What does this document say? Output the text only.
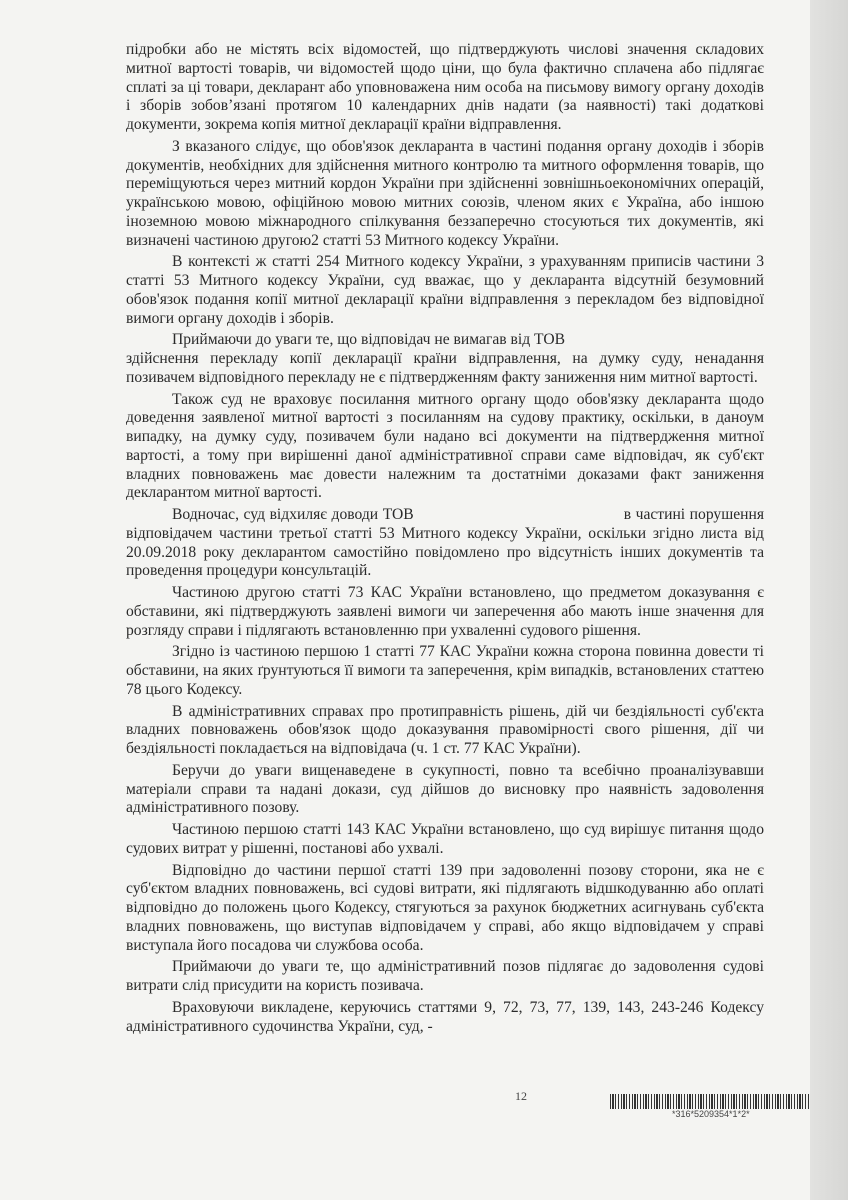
підробки або не містять всіх відомостей, що підтверджують числові значення складових митної вартості товарів, чи відомостей щодо ціни, що була фактично сплачена або підлягає сплаті за ці товари, декларант або уповноважена ним особа на письмову вимогу органу доходів і зборів зобов’язані протягом 10 календарних днів надати (за наявності) такі додаткові документи, зокрема копія митної декларації країни відправлення.

З вказаного слідує, що обов'язок декларанта в частині подання органу доходів і зборів документів, необхідних для здійснення митного контролю та митного оформлення товарів, що переміщуються через митний кордон України при здійсненні зовнішньоекономічних операцій, українською мовою, офіційною мовою митних союзів, членом яких є Україна, або іншою іноземною мовою міжнародного спілкування беззаперечно стосуються тих документів, які визначені частиною другою2 статті 53 Митного кодексу України.

В контексті ж статті 254 Митного кодексу України, з урахуванням приписів частини 3 статті 53 Митного кодексу України, суд вважає, що у декларанта відсутній безумовний обов'язок подання копії митної декларації країни відправлення з перекладом без відповідної вимоги органу доходів і зборів.

Приймаючи до уваги те, що відповідач не вимагав від ТОВ

здійснення перекладу копії декларації країни відправлення, на думку суду, ненадання позивачем відповідного перекладу не є підтвердженням факту заниження ним митної вартості.

Також суд не враховує посилання митного органу щодо обов'язку декларанта щодо доведення заявленої митної вартості з посиланням на судову практику, оскільки, в даноум випадку, на думку суду, позивачем були надано всі документи на підтвердження митної вартості, а тому при вирішенні даної адміністративної справи саме відповідач, як суб'єкт владних повноважень має довести належним та достатніми доказами факт заниження декларантом митної вартості.

Водночас, суд відхиляє доводи ТОВ	в частині порушення відповідачем частини третьої статті 53 Митного кодексу України, оскільки згідно листа від 20.09.2018 року декларантом самостійно повідомлено про відсутність інших документів та проведення процедури консультацій.

Частиною другою статті 73 КАС України встановлено, що предметом доказування є обставини, які підтверджують заявлені вимоги чи заперечення або мають інше значення для розгляду справи і підлягають встановленню при ухваленні судового рішення.

Згідно із частиною першою 1 статті 77 КАС України кожна сторона повинна довести ті обставини, на яких ґрунтуються її вимоги та заперечення, крім випадків, встановлених статтею 78 цього Кодексу.

В адміністративних справах про протиправність рішень, дій чи бездіяльності суб'єкта владних повноважень обов'язок щодо доказування правомірності свого рішення, дії чи бездіяльності покладається на відповідача (ч. 1 ст. 77 КАС України).

Беручи до уваги вищенаведене в сукупності, повно та всебічно проаналізувавши матеріали справи та надані докази, суд дійшов до висновку про наявність задоволення адміністративного позову.

Частиною першою статті 143 КАС України встановлено, що суд вирішує питання щодо судових витрат у рішенні, постанові або ухвалі.

Відповідно до частини першої статті 139 при задоволенні позову сторони, яка не є суб'єктом владних повноважень, всі судові витрати, які підлягають відшкодуванню або оплаті відповідно до положень цього Кодексу, стягуються за рахунок бюджетних асигнувань суб'єкта владних повноважень, що виступав відповідачем у справі, або якщо відповідачем у справі виступала його посадова чи службова особа.

Приймаючи до уваги те, що адміністративний позов підлягає до задоволення судові витрати слід присудити на користь позивача.

Враховуючи викладене, керуючись статтями 9, 72, 73, 77, 139, 143, 243-246 Кодексу адміністративного судочинства України, суд, -

12
*316*5209354*1*2*
